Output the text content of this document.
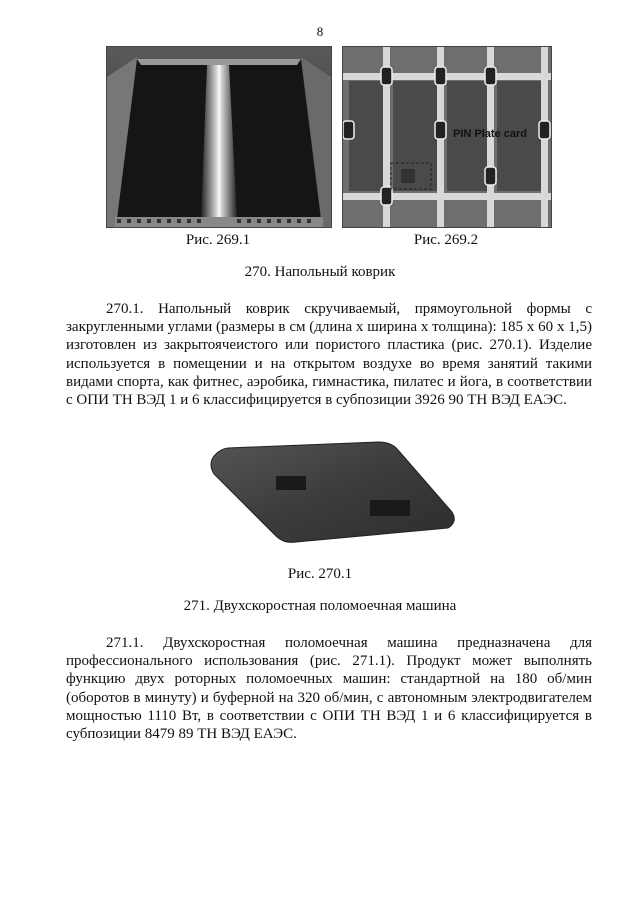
8
Рис. 269.1
PIN Plate card
Рис. 269.2
270. Напольный коврик

270.1. Напольный коврик скручиваемый, прямоугольной формы с закругленными углами (размеры в см (длина x ширина x толщина): 185 x 60 x 1,5) изготовлен из закрытоячеистого или пористого пластика (рис. 270.1). Изделие используется в помещении и на открытом воздухе во время занятий такими видами спорта, как фитнес, аэробика, гимнастика, пилатес и йога, в соответствии с ОПИ ТН ВЭД 1 и 6 классифицируется в субпозиции 3926 90 ТН ВЭД ЕАЭС.

Рис. 270.1
271. Двухскоростная поломоечная машина

271.1. Двухскоростная поломоечная машина предназначена для профессионального использования (рис. 271.1). Продукт может выполнять функцию двух роторных поломоечных машин: стандартной на 180 об/мин (оборотов в минуту) и буферной на 320 об/мин, с автономным электродвигателем мощностью 1110 Вт, в соответствии с ОПИ ТН ВЭД 1 и 6 классифицируется в субпозиции 8479 89 ТН ВЭД ЕАЭС.
